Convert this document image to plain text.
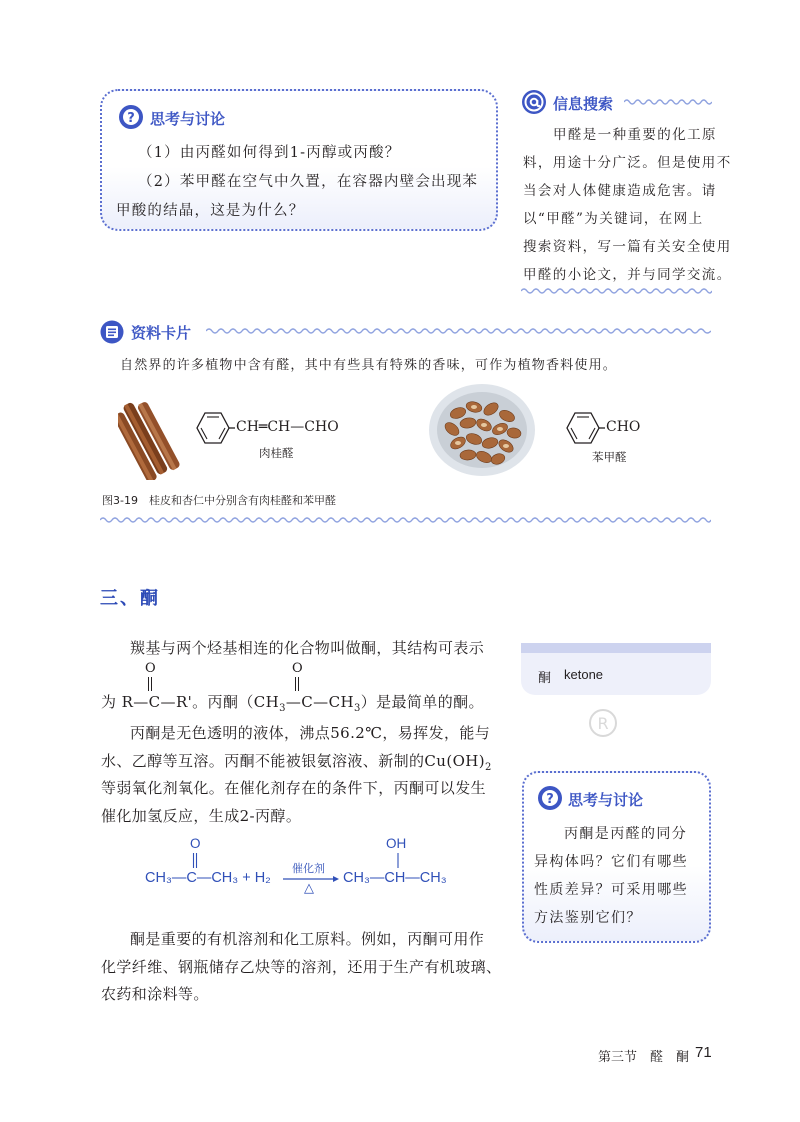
? 思考与讨论
（1）由丙醛如何得到1-丙醇或丙酸？
（2）苯甲醛在空气中久置，在容器内壁会出现苯
甲酸的结晶，这是为什么？
信息搜索
甲醛是一种重要的化工原
料，用途十分广泛。但是使用不
当会对人体健康造成危害。请
以“甲醛”为关键词，在网上
搜索资料，写一篇有关安全使用
甲醛的小论文，并与同学交流。
资料卡片
自然界的许多植物中含有醛，其中有些具有特殊的香味，可作为植物香料使用。
CH═CH—CHO
肉桂醛
CHO
苯甲醛
图3-19　桂皮和杏仁中分别含有肉桂醛和苯甲醛
三、酮

R
羰基与两个烃基相连的化合物叫做酮，其结构可表示
O	O
为 R—C—R'。丙酮$(CH_3—C—CH_3)$是最简单的酮。
丙酮是无色透明的液体，沸点56.2℃，易挥发，能与
水、乙醇等互溶。丙酮不能被银氨溶液、新制的$Cu(OH)_2$
等弱氧化剂氧化。在催化剂存在的条件下，丙酮可以发生
催化加氢反应，生成2-丙醇。
O
CH₃—C—CH₃ + H₂
催化剂
△
OH
CH₃—CH—CH₃
酮是重要的有机溶剂和化工原料。例如，丙酮可用作
化学纤维、钢瓶储存乙炔等的溶剂，还用于生产有机玻璃、
农药和涂料等。
酮 ketone
? 思考与讨论
丙酮是丙醛的同分
异构体吗？它们有哪些
性质差异？可采用哪些
方法鉴别它们？
第三节　醛　酮 71
